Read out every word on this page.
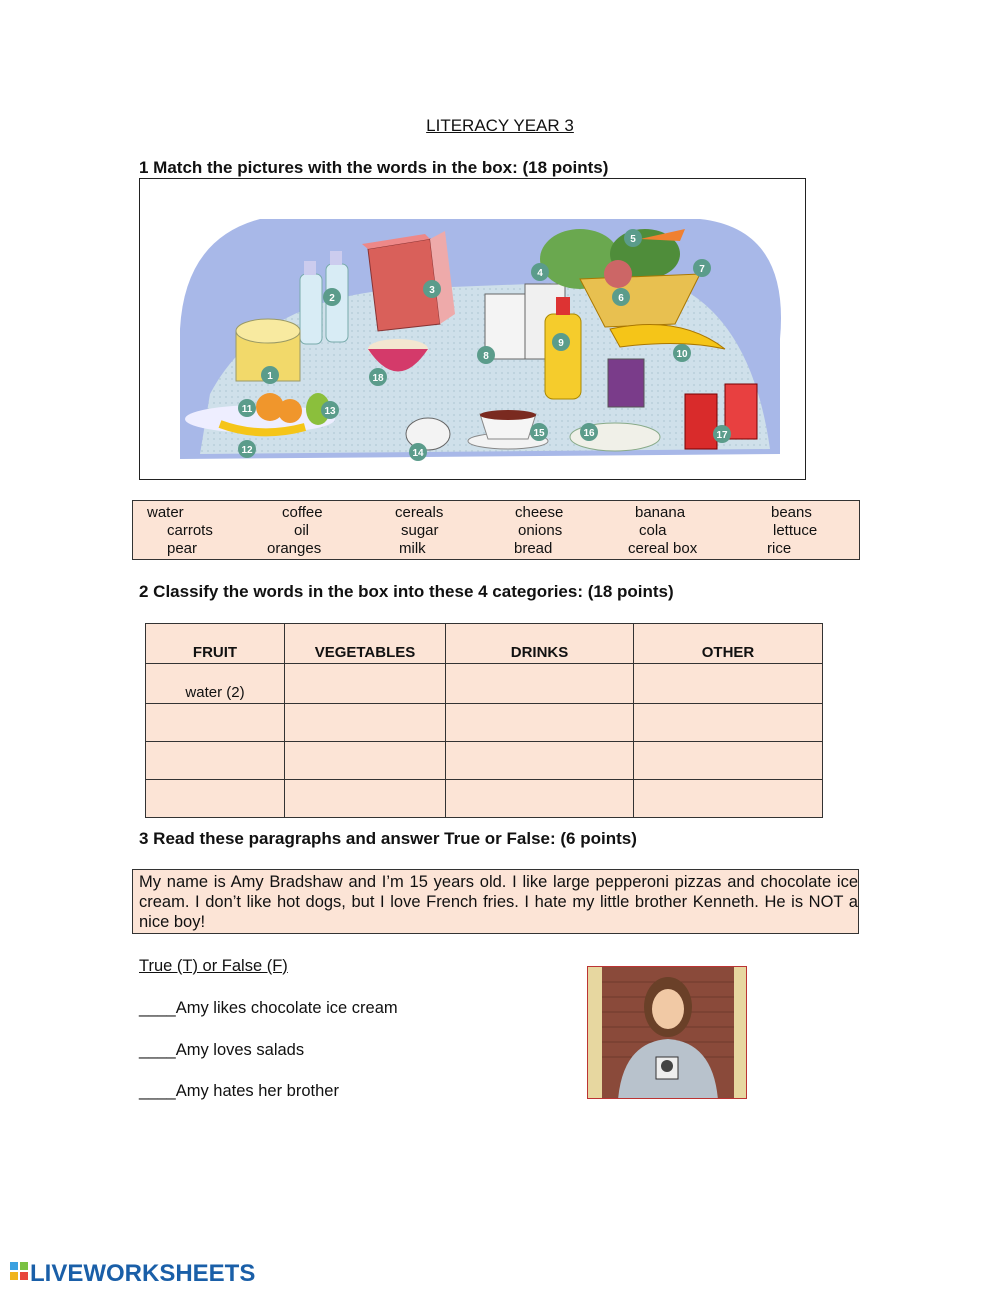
LITERACY YEAR 3
1 Match the pictures with the words in the box: (18 points)
1
2
3
4
5
6
7
8
9
10
11
12
13
14
15	16	17
18
water	coffee	cereals	cheese	banana	beans
carrots	oil	sugar	onions	cola	lettuce
pear	oranges	milk	bread	cereal box	rice
2 Classify the words in the box into these 4 categories: (18 points)
FRUIT	VEGETABLES	DRINKS	OTHER
water (2)			

3 Read these paragraphs and answer True or False: (6 points)
My name is Amy Bradshaw and I’m 15 years old. I like large pepperoni pizzas and chocolate ice cream. I don’t like hot dogs, but I love French fries. I hate my little brother Kenneth. He is NOT a nice boy!
True (T) or False (F)
____Amy likes chocolate ice cream
____Amy loves salads
____Amy hates her brother
LIVEWORKSHEETS
